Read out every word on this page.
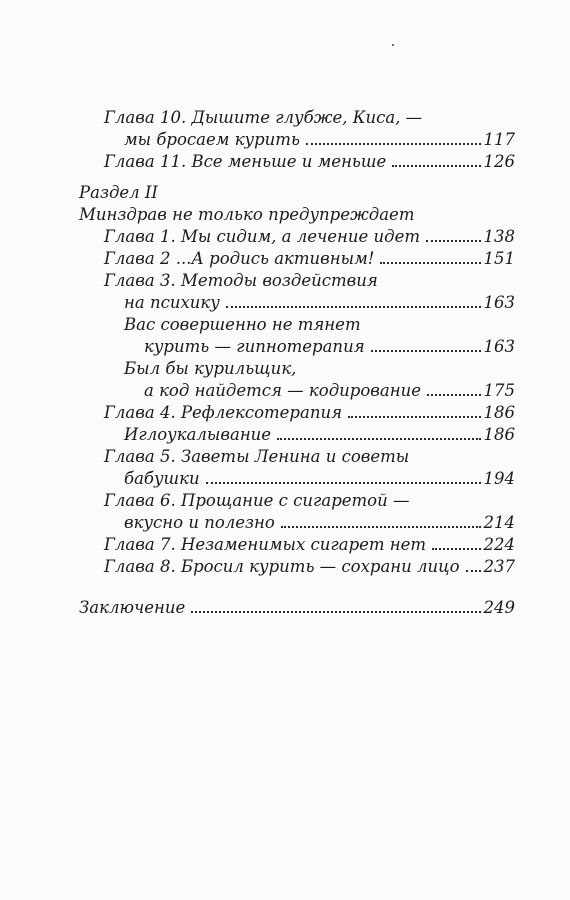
Глава 10. Дышите глубже, Киса, —
мы бросаем курить	117
Глава 11. Все меньше и меньше	126
Раздел II
Минздрав не только предупреждает
Глава 1. Мы сидим, а лечение идет	138
Глава 2 ...А родись активным!	151
Глава 3. Методы воздействия
на психику	163
Вас совершенно не тянет
курить — гипнотерапия	163
Был бы курильщик,
а код найдется — кодирование	175
Глава 4. Рефлексотерапия	186
Иглоукалывание	186
Глава 5. Заветы Ленина и советы
бабушки	194
Глава 6. Прощание с сигаретой —
вкусно и полезно	214
Глава 7. Незаменимых сигарет нет	224
Глава 8. Бросил курить — сохрани лицо 237
Заключение	249
